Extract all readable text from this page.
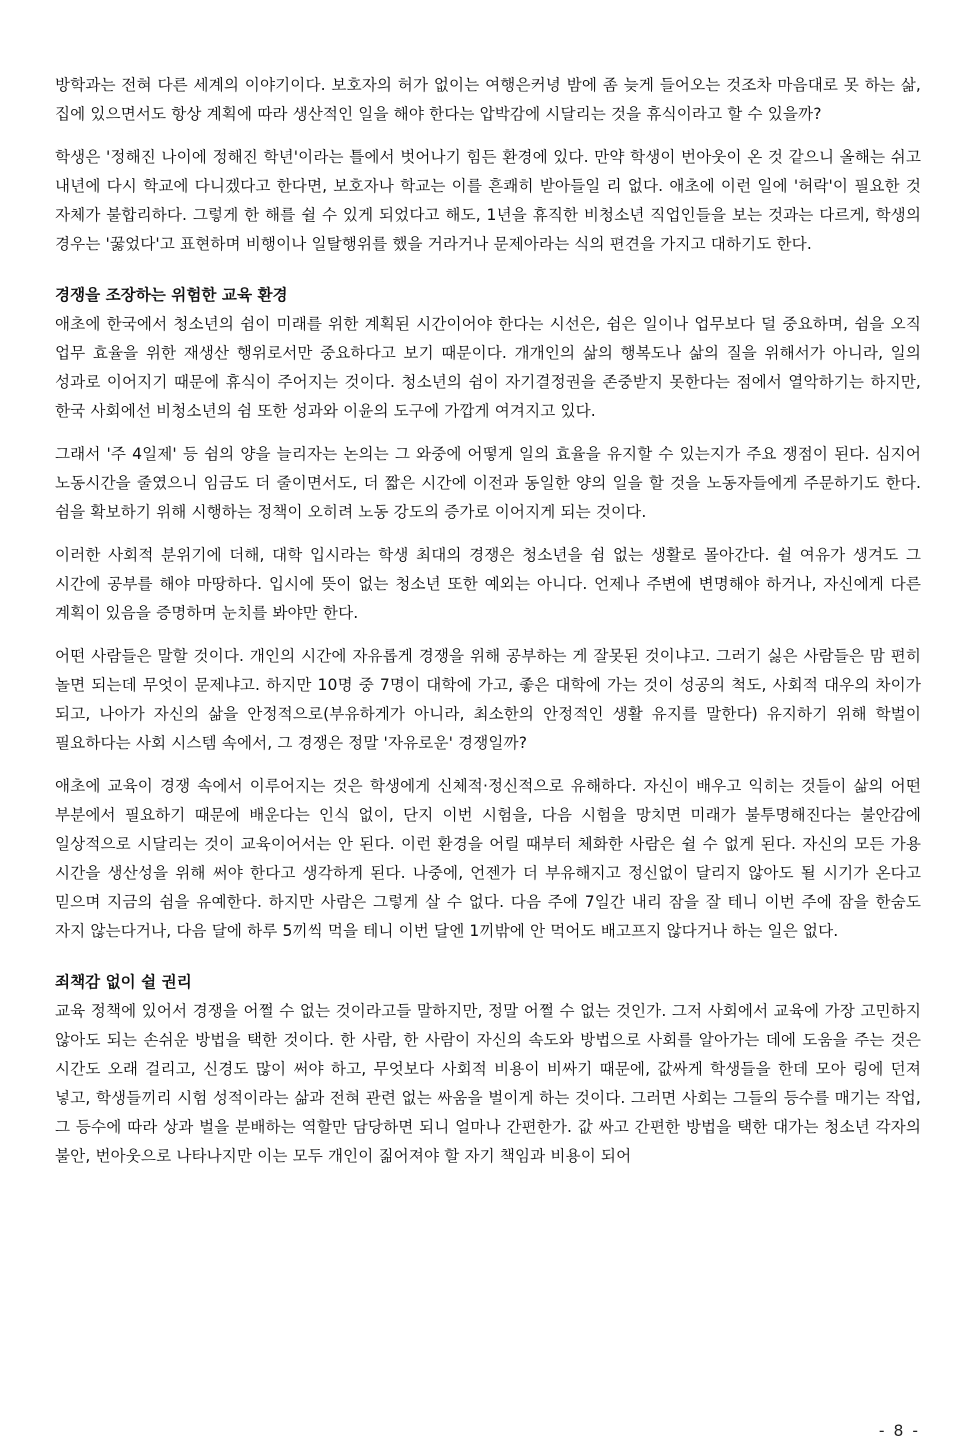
방학과는 전혀 다른 세계의 이야기이다. 보호자의 허가 없이는 여행은커녕 밤에 좀 늦게 들어오는 것조차 마음대로 못 하는 삶, 집에 있으면서도 항상 계획에 따라 생산적인 일을 해야 한다는 압박감에 시달리는 것을 휴식이라고 할 수 있을까?

학생은 '정해진 나이에 정해진 학년'이라는 틀에서 벗어나기 힘든 환경에 있다. 만약 학생이 번아웃이 온 것 같으니 올해는 쉬고 내년에 다시 학교에 다니겠다고 한다면, 보호자나 학교는 이를 흔쾌히 받아들일 리 없다. 애초에 이런 일에 '허락'이 필요한 것 자체가 불합리하다. 그렇게 한 해를 쉴 수 있게 되었다고 해도, 1년을 휴직한 비청소년 직업인들을 보는 것과는 다르게, 학생의 경우는 '꿇었다'고 표현하며 비행이나 일탈행위를 했을 거라거나 문제아라는 식의 편견을 가지고 대하기도 한다.

경쟁을 조장하는 위험한 교육 환경

애초에 한국에서 청소년의 쉼이 미래를 위한 계획된 시간이어야 한다는 시선은, 쉼은 일이나 업무보다 덜 중요하며, 쉼을 오직 업무 효율을 위한 재생산 행위로서만 중요하다고 보기 때문이다. 개개인의 삶의 행복도나 삶의 질을 위해서가 아니라, 일의 성과로 이어지기 때문에 휴식이 주어지는 것이다. 청소년의 쉼이 자기결정권을 존중받지 못한다는 점에서 열악하기는 하지만, 한국 사회에선 비청소년의 쉼 또한 성과와 이윤의 도구에 가깝게 여겨지고 있다.

그래서 '주 4일제' 등 쉼의 양을 늘리자는 논의는 그 와중에 어떻게 일의 효율을 유지할 수 있는지가 주요 쟁점이 된다. 심지어 노동시간을 줄였으니 임금도 더 줄이면서도, 더 짧은 시간에 이전과 동일한 양의 일을 할 것을 노동자들에게 주문하기도 한다. 쉼을 확보하기 위해 시행하는 정책이 오히려 노동 강도의 증가로 이어지게 되는 것이다.

이러한 사회적 분위기에 더해, 대학 입시라는 학생 최대의 경쟁은 청소년을 쉼 없는 생활로 몰아간다. 쉴 여유가 생겨도 그 시간에 공부를 해야 마땅하다. 입시에 뜻이 없는 청소년 또한 예외는 아니다. 언제나 주변에 변명해야 하거나, 자신에게 다른 계획이 있음을 증명하며 눈치를 봐야만 한다.

어떤 사람들은 말할 것이다. 개인의 시간에 자유롭게 경쟁을 위해 공부하는 게 잘못된 것이냐고. 그러기 싫은 사람들은 맘 편히 놀면 되는데 무엇이 문제냐고. 하지만 10명 중 7명이 대학에 가고, 좋은 대학에 가는 것이 성공의 척도, 사회적 대우의 차이가 되고, 나아가 자신의 삶을 안정적으로(부유하게가 아니라, 최소한의 안정적인 생활 유지를 말한다) 유지하기 위해 학벌이 필요하다는 사회 시스템 속에서, 그 경쟁은 정말 '자유로운' 경쟁일까?

애초에 교육이 경쟁 속에서 이루어지는 것은 학생에게 신체적·정신적으로 유해하다. 자신이 배우고 익히는 것들이 삶의 어떤 부분에서 필요하기 때문에 배운다는 인식 없이, 단지 이번 시험을, 다음 시험을 망치면 미래가 불투명해진다는 불안감에 일상적으로 시달리는 것이 교육이어서는 안 된다. 이런 환경을 어릴 때부터 체화한 사람은 쉴 수 없게 된다. 자신의 모든 가용 시간을 생산성을 위해 써야 한다고 생각하게 된다. 나중에, 언젠가 더 부유해지고 정신없이 달리지 않아도 될 시기가 온다고 믿으며 지금의 쉼을 유예한다. 하지만 사람은 그렇게 살 수 없다. 다음 주에 7일간 내리 잠을 잘 테니 이번 주에 잠을 한숨도 자지 않는다거나, 다음 달에 하루 5끼씩 먹을 테니 이번 달엔 1끼밖에 안 먹어도 배고프지 않다거나 하는 일은 없다.

죄책감 없이 쉴 권리

교육 정책에 있어서 경쟁을 어쩔 수 없는 것이라고들 말하지만, 정말 어쩔 수 없는 것인가. 그저 사회에서 교육에 가장 고민하지 않아도 되는 손쉬운 방법을 택한 것이다. 한 사람, 한 사람이 자신의 속도와 방법으로 사회를 알아가는 데에 도움을 주는 것은 시간도 오래 걸리고, 신경도 많이 써야 하고, 무엇보다 사회적 비용이 비싸기 때문에, 값싸게 학생들을 한데 모아 링에 던져 넣고, 학생들끼리 시험 성적이라는 삶과 전혀 관련 없는 싸움을 벌이게 하는 것이다. 그러면 사회는 그들의 등수를 매기는 작업, 그 등수에 따라 상과 벌을 분배하는 역할만 담당하면 되니 얼마나 간편한가. 값 싸고 간편한 방법을 택한 대가는 청소년 각자의 불안, 번아웃으로 나타나지만 이는 모두 개인이 짊어져야 할 자기 책임과 비용이 되어

- 8 -
